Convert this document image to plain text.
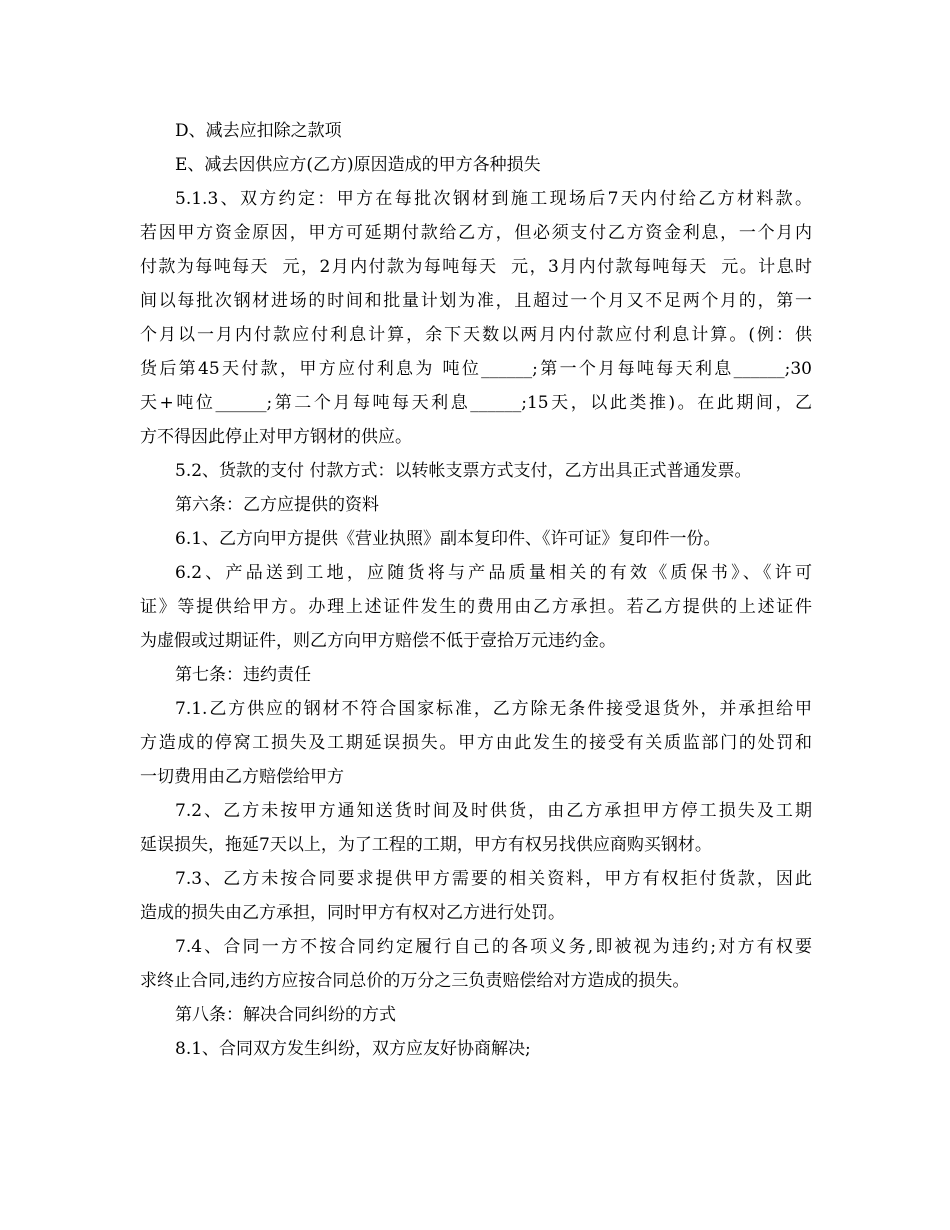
D、减去应扣除之款项
E、减去因供应方(乙方)原因造成的甲方各种损失
5.1.3、双方约定：甲方在每批次钢材到施工现场后7天内付给乙方材料款。
若因甲方资金原因，甲方可延期付款给乙方，但必须支付乙方资金利息，一个月内
付款为每吨每天  元，2月内付款为每吨每天  元，3月内付款每吨每天  元。计息时
间以每批次钢材进场的时间和批量计划为准，且超过一个月又不足两个月的，第一
个月以一月内付款应付利息计算，余下天数以两月内付款应付利息计算。(例：供
货后第45天付款，甲方应付利息为 吨位______;第一个月每吨每天利息______;30
天+吨位______;第二个月每吨每天利息______;15天，以此类推)。在此期间，乙
方不得因此停止对甲方钢材的供应。
5.2、货款的支付 付款方式：以转帐支票方式支付，乙方出具正式普通发票。
第六条：乙方应提供的资料
6.1、乙方向甲方提供《营业执照》副本复印件、《许可证》复印件一份。
6.2、产品送到工地，应随货将与产品质量相关的有效《质保书》、《许可
证》等提供给甲方。办理上述证件发生的费用由乙方承担。若乙方提供的上述证件
为虚假或过期证件，则乙方向甲方赔偿不低于壹拾万元违约金。
第七条：违约责任
7.1.乙方供应的钢材不符合国家标准，乙方除无条件接受退货外，并承担给甲
方造成的停窝工损失及工期延误损失。甲方由此发生的接受有关质监部门的处罚和
一切费用由乙方赔偿给甲方
7.2、乙方未按甲方通知送货时间及时供货，由乙方承担甲方停工损失及工期
延误损失，拖延7天以上，为了工程的工期，甲方有权另找供应商购买钢材。
7.3、乙方未按合同要求提供甲方需要的相关资料，甲方有权拒付货款，因此
造成的损失由乙方承担，同时甲方有权对乙方进行处罚。
7.4、合同一方不按合同约定履行自己的各项义务,即被视为违约;对方有权要
求终止合同,违约方应按合同总价的万分之三负责赔偿给对方造成的损失。
第八条：解决合同纠纷的方式
8.1、合同双方发生纠纷，双方应友好协商解决;
